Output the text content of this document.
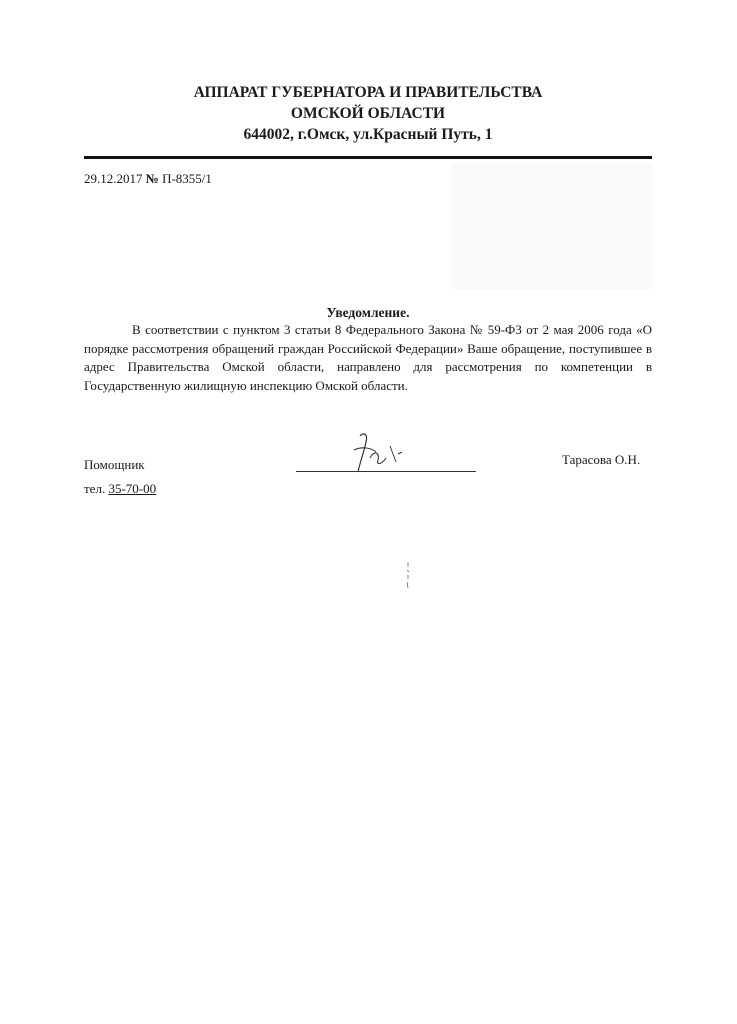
АППАРАТ ГУБЕРНАТОРА И ПРАВИТЕЛЬСТВА
ОМСКОЙ ОБЛАСТИ
644002, г.Омск, ул.Красный Путь, 1
29.12.2017 № П-8355/1
Уведомление.

В соответствии с пунктом 3 статьи 8 Федерального Закона № 59-ФЗ от 2 мая 2006 года «О порядке рассмотрения обращений граждан Российской Федерации» Ваше обращение, поступившее в адрес Правительства Омской области, направлено для рассмотрения по компетенции в Государственную жилищную инспекцию Омской области.

Помощник
тел. 35-70-00
Тарасова О.Н.
